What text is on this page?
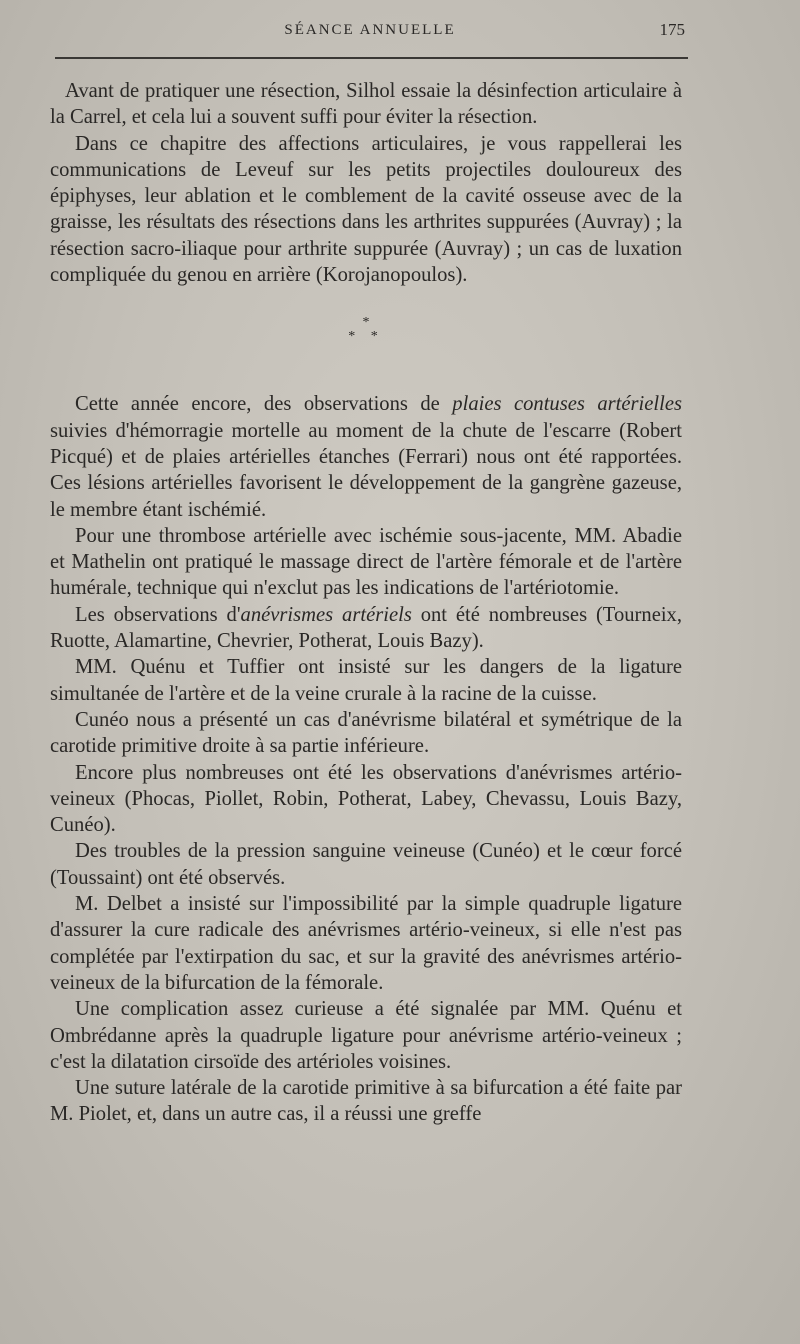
SÉANCE ANNUELLE	175

Avant de pratiquer une résection, Silhol essaie la désinfection articulaire à la Carrel, et cela lui a souvent suffi pour éviter la résection.

Dans ce chapitre des affections articulaires, je vous rappellerai les communications de Leveuf sur les petits projectiles douloureux des épiphyses, leur ablation et le comblement de la cavité osseuse avec de la graisse, les résultats des résections dans les arthrites suppurées (Auvray) ; la résection sacro-iliaque pour arthrite suppurée (Auvray) ; un cas de luxation compliquée du genou en arrière (Korojanopoulos).

*
* *

Cette année encore, des observations de plaies contuses artérielles suivies d'hémorragie mortelle au moment de la chute de l'escarre (Robert Picqué) et de plaies artérielles étanches (Ferrari) nous ont été rapportées. Ces lésions artérielles favorisent le développement de la gangrène gazeuse, le membre étant ischémié.

Pour une thrombose artérielle avec ischémie sous-jacente, MM. Abadie et Mathelin ont pratiqué le massage direct de l'artère fémorale et de l'artère humérale, technique qui n'exclut pas les indications de l'artériotomie.

Les observations d'anévrismes artériels ont été nombreuses (Tourneix, Ruotte, Alamartine, Chevrier, Potherat, Louis Bazy).

MM. Quénu et Tuffier ont insisté sur les dangers de la ligature simultanée de l'artère et de la veine crurale à la racine de la cuisse.

Cunéo nous a présenté un cas d'anévrisme bilatéral et symétrique de la carotide primitive droite à sa partie inférieure.

Encore plus nombreuses ont été les observations d'anévrismes artério-veineux (Phocas, Piollet, Robin, Potherat, Labey, Chevassu, Louis Bazy, Cunéo).

Des troubles de la pression sanguine veineuse (Cunéo) et le cœur forcé (Toussaint) ont été observés.

M. Delbet a insisté sur l'impossibilité par la simple quadruple ligature d'assurer la cure radicale des anévrismes artério-veineux, si elle n'est pas complétée par l'extirpation du sac, et sur la gravité des anévrismes artério-veineux de la bifurcation de la fémorale.

Une complication assez curieuse a été signalée par MM. Quénu et Ombrédanne après la quadruple ligature pour anévrisme artério-veineux ; c'est la dilatation cirsoïde des artérioles voisines.

Une suture latérale de la carotide primitive à sa bifurcation a été faite par M. Piolet, et, dans un autre cas, il a réussi une greffe
